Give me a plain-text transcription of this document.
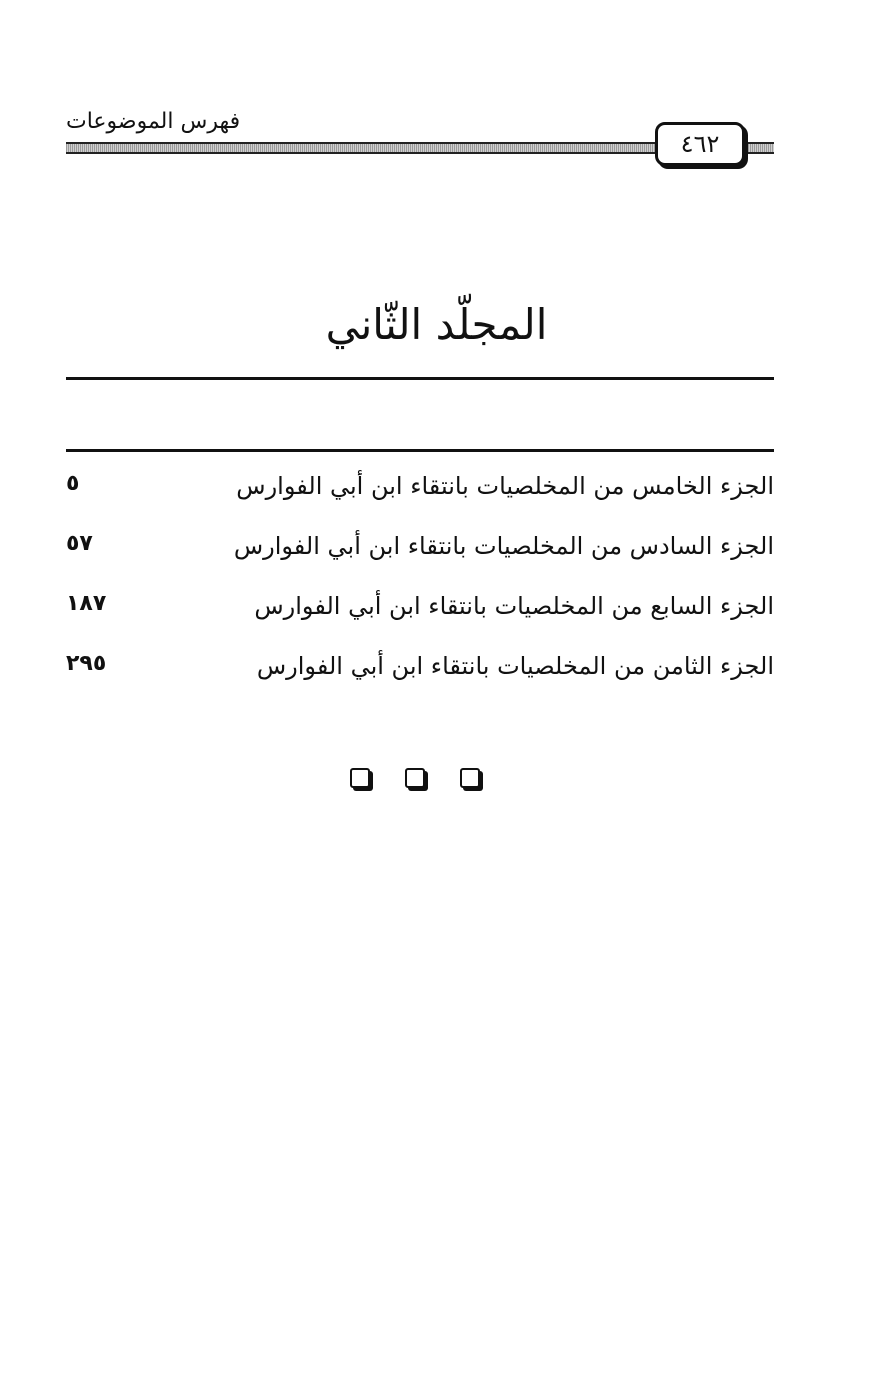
فهرس الموضوعات
٤٦٢
المجلّد الثّاني
الجزء الخامس من المخلصيات بانتقاء ابن أبي الفوارس
٥
الجزء السادس من المخلصيات بانتقاء ابن أبي الفوارس
٥٧
الجزء السابع من المخلصيات بانتقاء ابن أبي الفوارس
١٨٧
الجزء الثامن من المخلصيات بانتقاء ابن أبي الفوارس
٢٩٥
